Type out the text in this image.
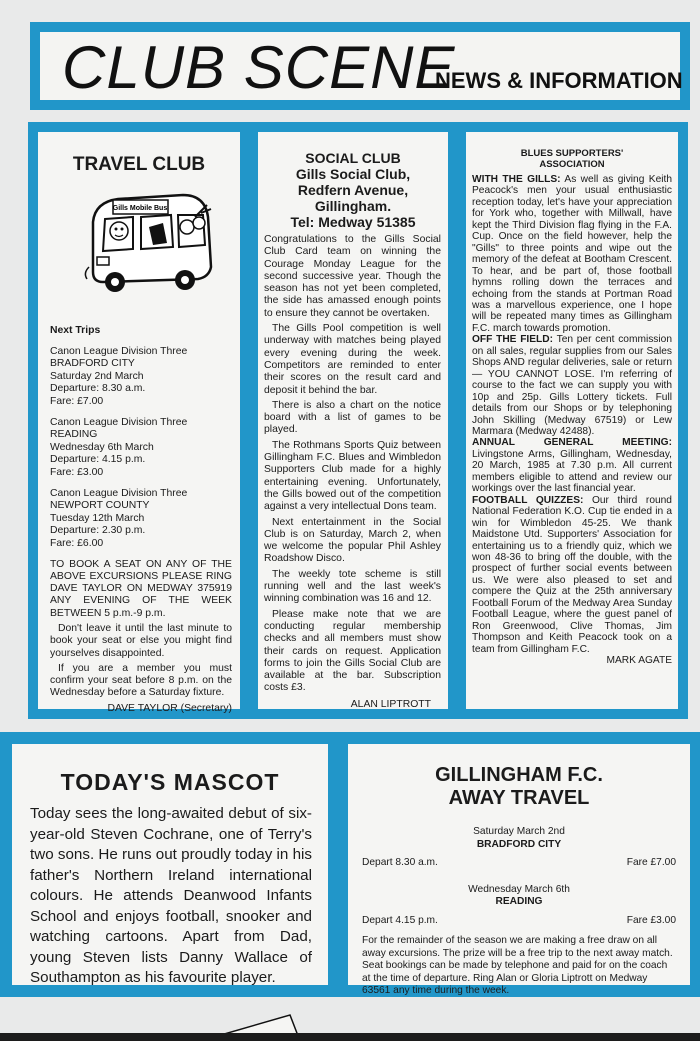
CLUB SCENE
NEWS & INFORMATION
TRAVEL CLUB
Gills Mobile Bus
Next Trips
Canon League Division Three
BRADFORD CITY
Saturday 2nd March
Departure: 8.30 a.m.
Fare: £7.00
Canon League Division Three
READING
Wednesday 6th March
Departure: 4.15 p.m.
Fare: £3.00
Canon League Division Three
NEWPORT COUNTY
Tuesday 12th March
Departure: 2.30 p.m.
Fare: £6.00

TO BOOK A SEAT ON ANY OF THE ABOVE EXCURSIONS PLEASE RING DAVE TAYLOR ON MEDWAY 375919 ANY EVENING OF THE WEEK BETWEEN 5 p.m.-9 p.m.

Don't leave it until the last minute to book your seat or else you might find yourselves disappointed.

If you are a member you must confirm your seat before 8 p.m. on the Wednesday before a Saturday fixture.

DAVE TAYLOR (Secretary)
SOCIAL CLUB
Gills Social Club,
Redfern Avenue,
Gillingham.
Tel: Medway 51385

Congratulations to the Gills Social Club Card team on winning the Courage Monday League for the second successive year. Though the season has not yet been completed, the side has amassed enough points to ensure they cannot be overtaken.

The Gills Pool competition is well underway with matches being played every evening during the week. Competitors are reminded to enter their scores on the result card and deposit it behind the bar.

There is also a chart on the notice board with a list of games to be played.

The Rothmans Sports Quiz between Gillingham F.C. Blues and Wimbledon Supporters Club made for a highly entertaining evening. Unfortunately, the Gills bowed out of the competition against a very intellectual Dons team.

Next entertainment in the Social Club is on Saturday, March 2, when we welcome the popular Phil Ashley Roadshow Disco.

The weekly tote scheme is still running well and the last week's winning combination was 16 and 12.

Please make note that we are conducting regular membership checks and all members must show their cards on request. Application forms to join the Gills Social Club are available at the bar. Subscription costs £3.

ALAN LIPTROTT
BLUES SUPPORTERS'
ASSOCIATION

WITH THE GILLS: As well as giving Keith Peacock's men your usual enthusiastic reception today, let's have your appreciation for York who, together with Millwall, have kept the Third Division flag flying in the F.A. Cup. Once on the field however, help the "Gills" to three points and wipe out the memory of the defeat at Bootham Crescent. To hear, and be part of, those football hymns rolling down the terraces and echoing from the stands at Portman Road was a marvellous experience, one I hope will be repeated many times as Gillingham F.C. march towards promotion.

OFF THE FIELD: Ten per cent commission on all sales, regular supplies from our Sales Shops AND regular deliveries, sale or return — YOU CANNOT LOSE. I'm referring of course to the fact we can supply you with 10p and 25p. Gills Lottery tickets. Full details from our Shops or by telephoning John Skilling (Medway 67519) or Lew Marmara (Medway 42488).

ANNUAL GENERAL MEETING: Livingstone Arms, Gillingham, Wednesday, 20 March, 1985 at 7.30 p.m. All current members eligible to attend and review our workings over the last financial year.

FOOTBALL QUIZZES: Our third round National Federation K.O. Cup tie ended in a win for Wimbledon 45-25. We thank Maidstone Utd. Supporters' Association for entertaining us to a friendly quiz, which we won 48-36 to bring off the double, with the prospect of further social events between us. We were also pleased to set and compere the Quiz at the 25th anniversary Football Forum of the Medway Area Sunday Football League, where the guest panel of Ron Greenwood, Clive Thomas, Jim Thompson and Keith Peacock took on a team from Gillingham F.C.

MARK AGATE
TODAY'S MASCOT
Today sees the long-awaited debut of six-year-old Steven Cochrane, one of Terry's two sons. He runs out proudly today in his father's Northern Ireland international colours. He attends Deanwood Infants School and enjoys football, snooker and watching cartoons. Apart from Dad, young Steven lists Danny Wallace of Southampton as his favourite player.
GILLINGHAM F.C.
AWAY TRAVEL
Saturday March 2nd
BRADFORD CITY
Depart 8.30 a.m.	Fare £7.00
Wednesday March 6th
READING
Depart 4.15 p.m.	Fare £3.00
For the remainder of the season we are making a free draw on all away excursions. The prize will be a free trip to the next away match. Seat bookings can be made by telephone and paid for on the coach at the time of departure. Ring Alan or Gloria Liptrott on Medway 63561 any time during the week.
